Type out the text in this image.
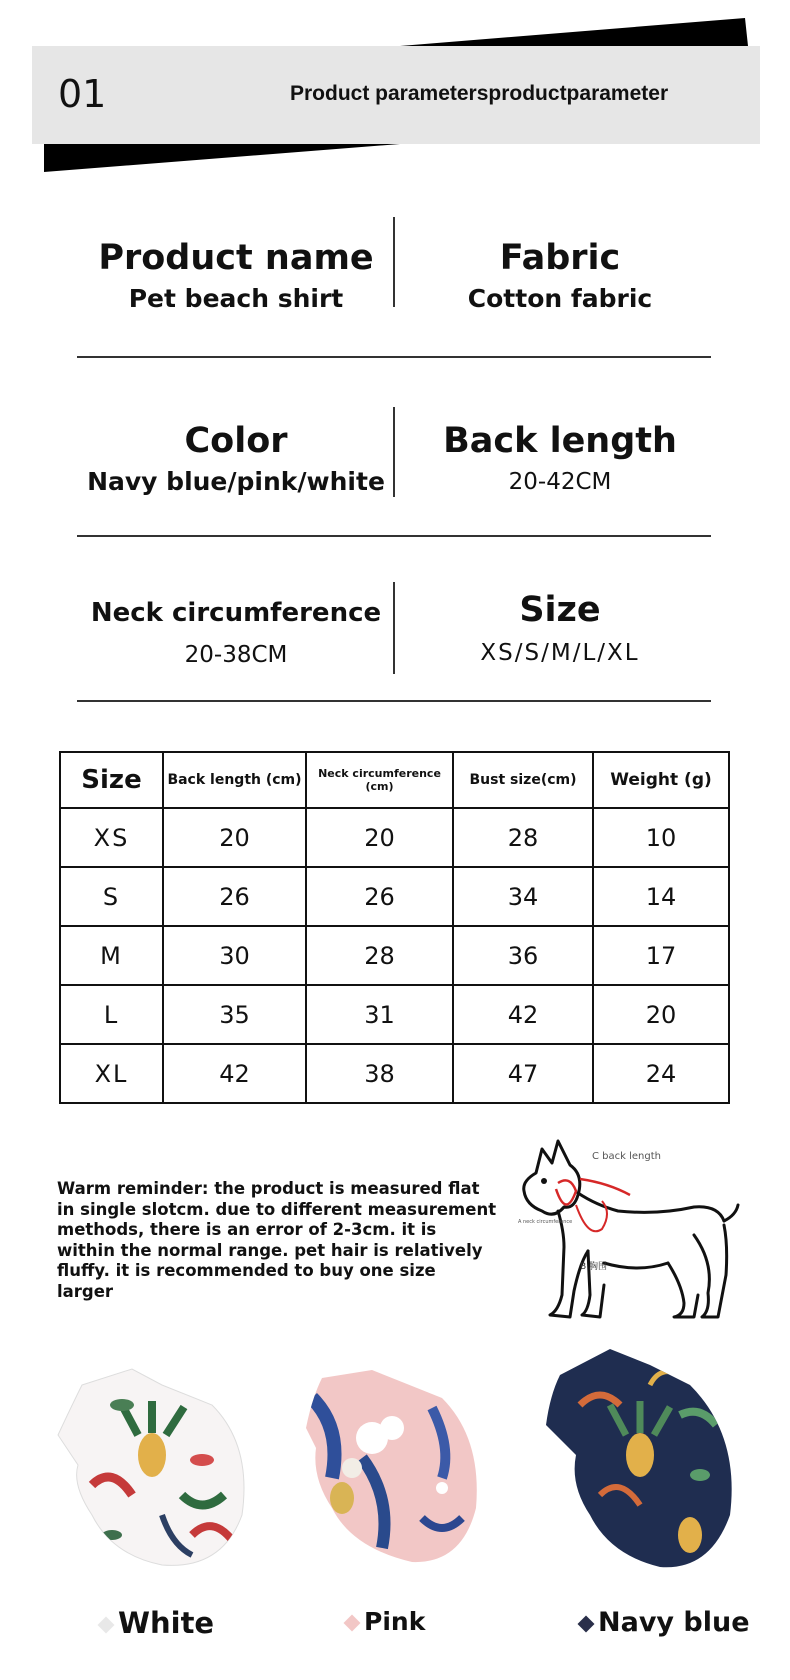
01	Product parametersproductparameter
Product name
Pet beach shirt
Fabric
Cotton fabric
Color
Navy blue/pink/white
Back length
20-42CM
Neck circumference
20-38CM
Size
XS/S/M/L/XL
Size	Back length (cm)	Neck circumference (cm)	Bust size(cm)	Weight (g)
XS	20	20	28	10
S	26	26	34	14
M	30	28	36	17
L	35	31	42	20
XL	42	38	47	24
Warm reminder: the product is measured flat in single slotcm. due to different measurement methods, there is an error of 2-3cm. it is within the normal range. pet hair is relatively fluffy. it is recommended to buy one size larger
C back length
A neck circumference
B 胸围
White	Pink	Navy blue
